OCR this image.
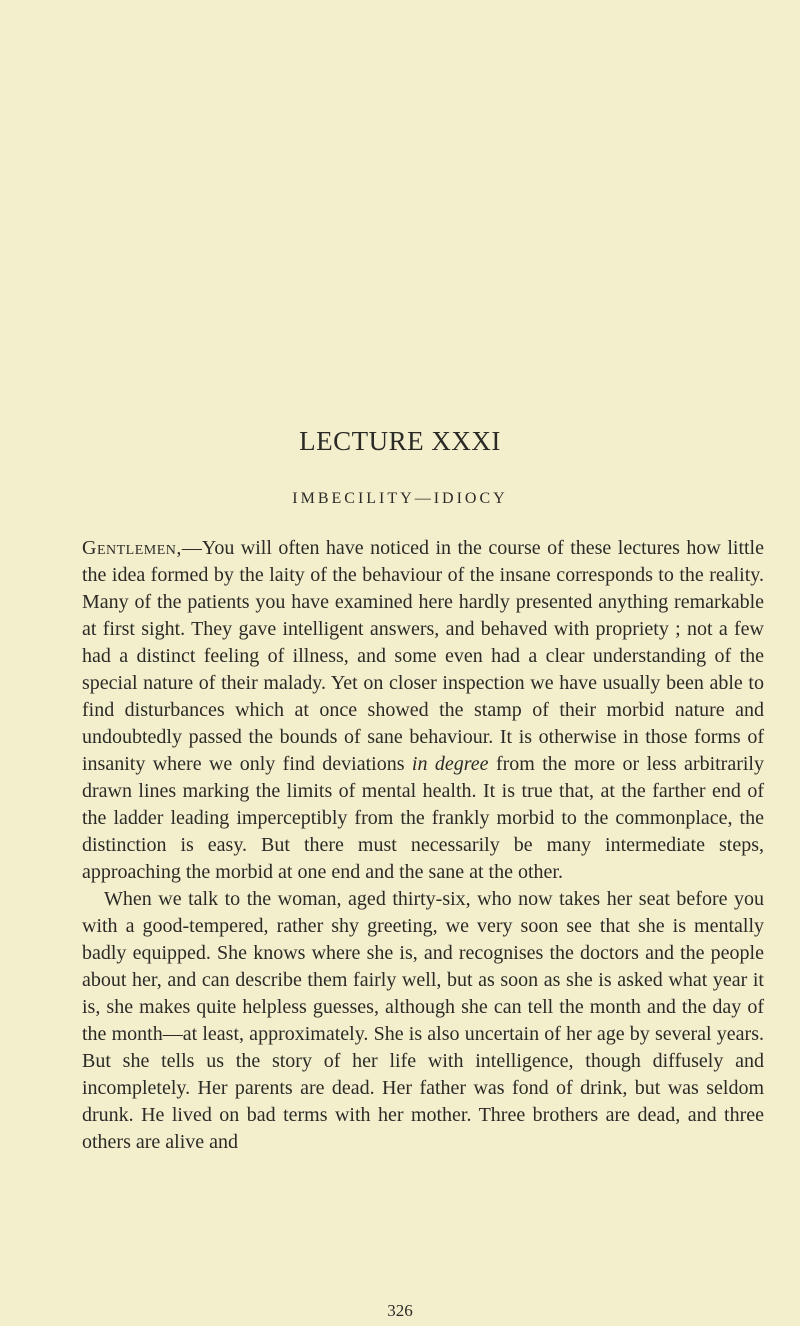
LECTURE XXXI
IMBECILITY—IDIOCY

Gentlemen,—You will often have noticed in the course of these lectures how little the idea formed by the laity of the behaviour of the insane corresponds to the reality. Many of the patients you have examined here hardly presented anything remarkable at first sight. They gave intelligent answers, and behaved with propriety ; not a few had a distinct feeling of illness, and some even had a clear understanding of the special nature of their malady. Yet on closer inspection we have usually been able to find disturbances which at once showed the stamp of their morbid nature and undoubtedly passed the bounds of sane behaviour. It is otherwise in those forms of insanity where we only find deviations in degree from the more or less arbitrarily drawn lines marking the limits of mental health. It is true that, at the farther end of the ladder leading imperceptibly from the frankly morbid to the commonplace, the distinction is easy. But there must necessarily be many intermediate steps, approaching the morbid at one end and the sane at the other.

When we talk to the woman, aged thirty-six, who now takes her seat before you with a good-tempered, rather shy greeting, we very soon see that she is mentally badly equipped. She knows where she is, and recognises the doctors and the people about her, and can describe them fairly well, but as soon as she is asked what year it is, she makes quite helpless guesses, although she can tell the month and the day of the month—at least, approximately. She is also uncertain of her age by several years. But she tells us the story of her life with intelligence, though diffusely and incompletely. Her parents are dead. Her father was fond of drink, but was seldom drunk. He lived on bad terms with her mother. Three brothers are dead, and three others are alive and

326
